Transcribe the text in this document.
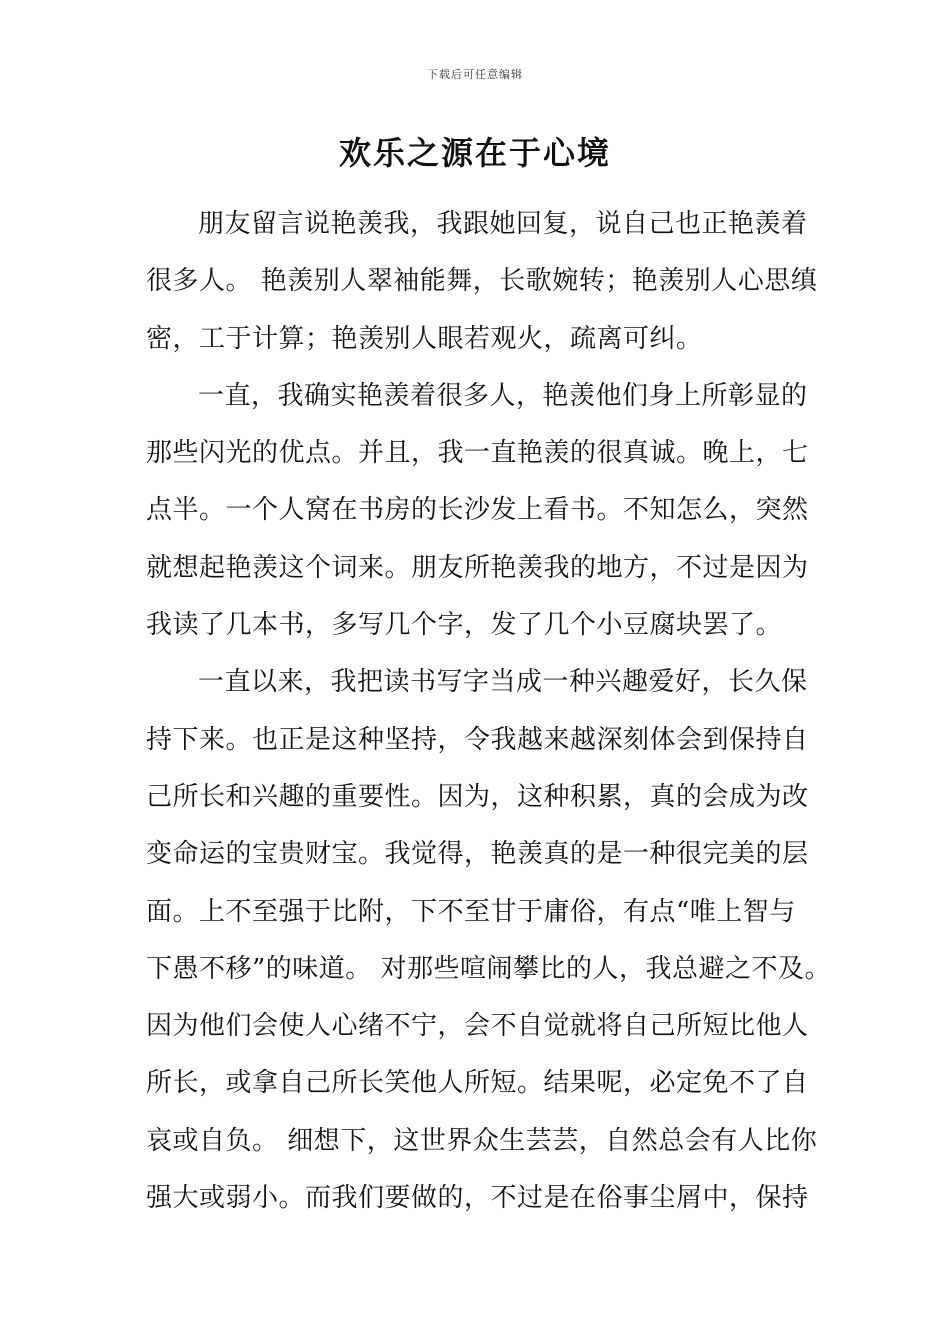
下载后可任意编辑
欢乐之源在于心境
朋友留言说艳羡我，我跟她回复，说自己也正艳羡着
很多人。 艳羡别人翠袖能舞，长歌婉转；艳羡别人心思缜
密，工于计算；艳羡别人眼若观火，疏离可纠。
一直，我确实艳羡着很多人，艳羡他们身上所彰显的
那些闪光的优点。并且，我一直艳羡的很真诚。晚上，七
点半。一个人窝在书房的长沙发上看书。不知怎么，突然
就想起艳羡这个词来。朋友所艳羡我的地方，不过是因为
我读了几本书，多写几个字，发了几个小豆腐块罢了。
一直以来，我把读书写字当成一种兴趣爱好，长久保
持下来。也正是这种坚持，令我越来越深刻体会到保持自
己所长和兴趣的重要性。因为，这种积累，真的会成为改
变命运的宝贵财宝。我觉得，艳羡真的是一种很完美的层
面。上不至强于比附，下不至甘于庸俗，有点“唯上智与
下愚不移”的味道。 对那些喧闹攀比的人，我总避之不及。
因为他们会使人心绪不宁，会不自觉就将自己所短比他人
所长，或拿自己所长笑他人所短。结果呢，必定免不了自
哀或自负。 细想下，这世界众生芸芸，自然总会有人比你
强大或弱小。而我们要做的，不过是在俗事尘屑中，保持
